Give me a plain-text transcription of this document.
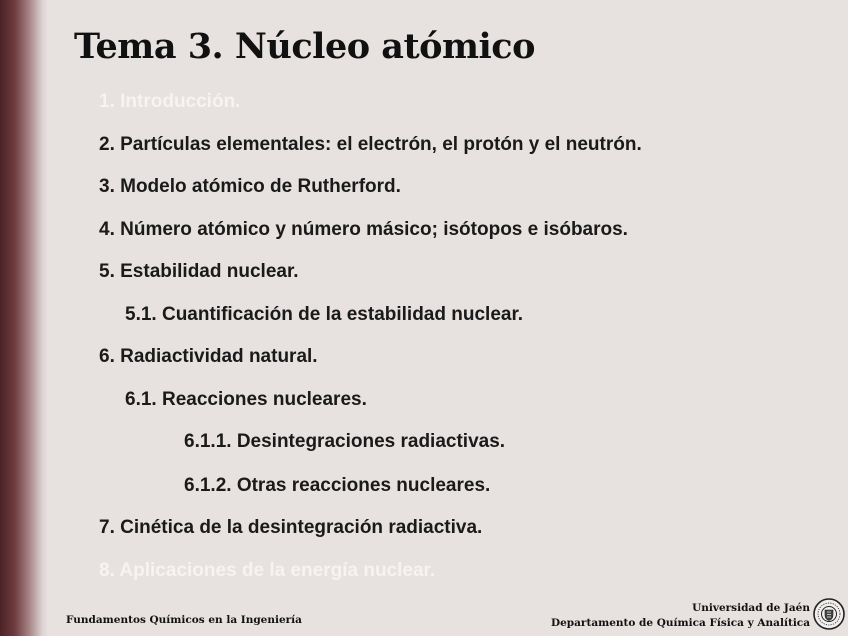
Tema 3. Núcleo atómico
1. Introducción.
2. Partículas elementales: el electrón, el protón y el neutrón.
3. Modelo atómico de Rutherford.
4. Número atómico y número másico; isótopos e isóbaros.
5. Estabilidad nuclear.
5.1. Cuantificación de la estabilidad nuclear.
6. Radiactividad natural.
6.1. Reacciones nucleares.
6.1.1. Desintegraciones radiactivas.
6.1.2. Otras reacciones nucleares.
7. Cinética de la desintegración radiactiva.
8. Aplicaciones de la energía nuclear.
Fundamentos Químicos en la Ingeniería
Universidad de Jaén
Departamento de Química Física y Analítica
